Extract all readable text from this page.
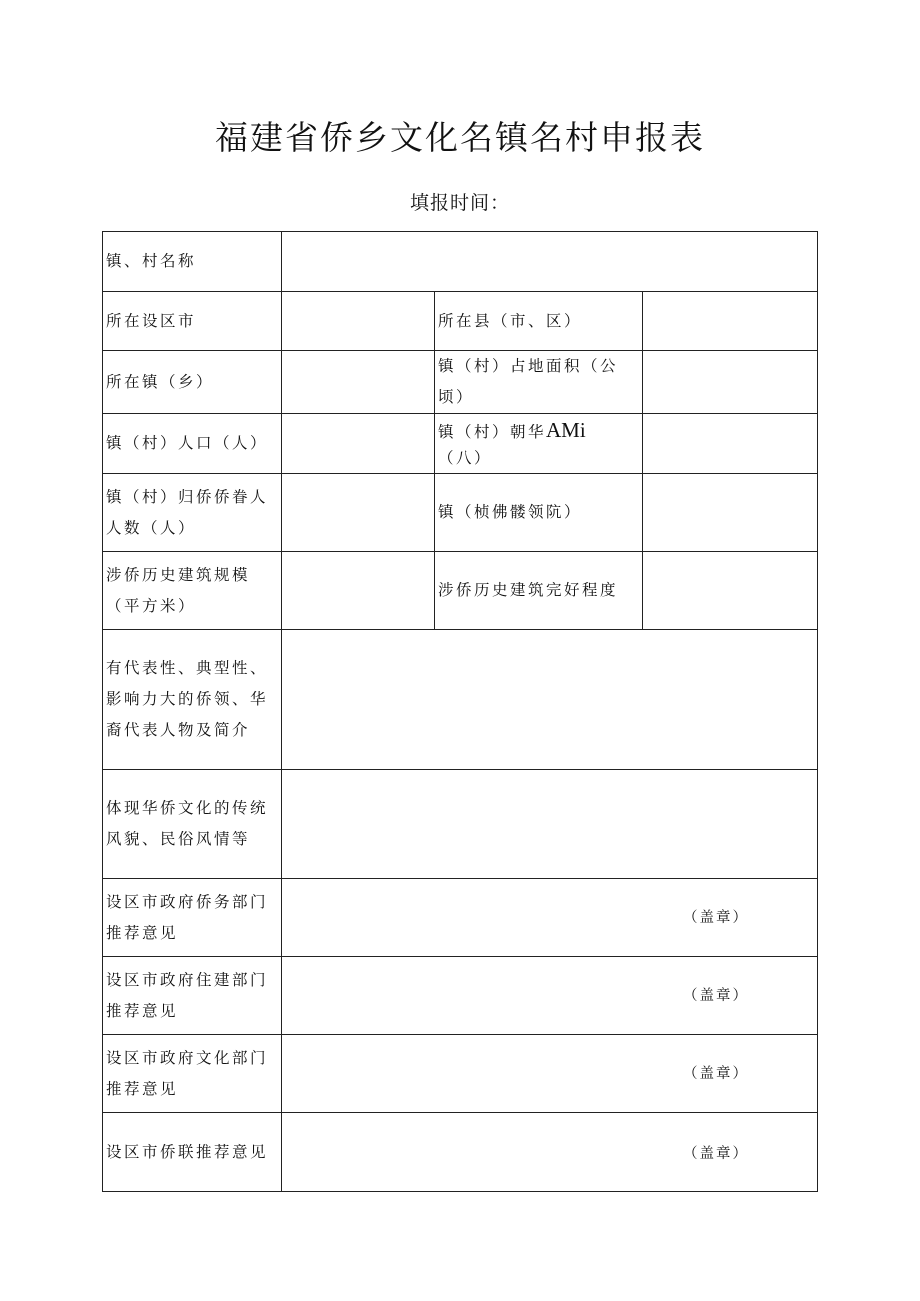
福建省侨乡文化名镇名村申报表
填报时间：
镇、村名称			
所在设区市		所在县（市、区）	
所在镇（乡）		镇（村）占地面积（公顷）	
镇（村）人口（人）		镇（村）朝华AMi
（八）	
镇（村）归侨侨眷人人数（人）		镇（桢佛髅领阬）	
涉侨历史建筑规模（平方米）		涉侨历史建筑完好程度	
有代表性、典型性、影响力大的侨领、华裔代表人物及简介			
体现华侨文化的传统风貌、民俗风情等			
设区市政府侨务部门推荐意见	（盖章）		

设区市政府住建部门推荐意见	（盖章）		

设区市政府文化部门推荐意见	（盖章）		

设区市侨联推荐意见	（盖章）		
